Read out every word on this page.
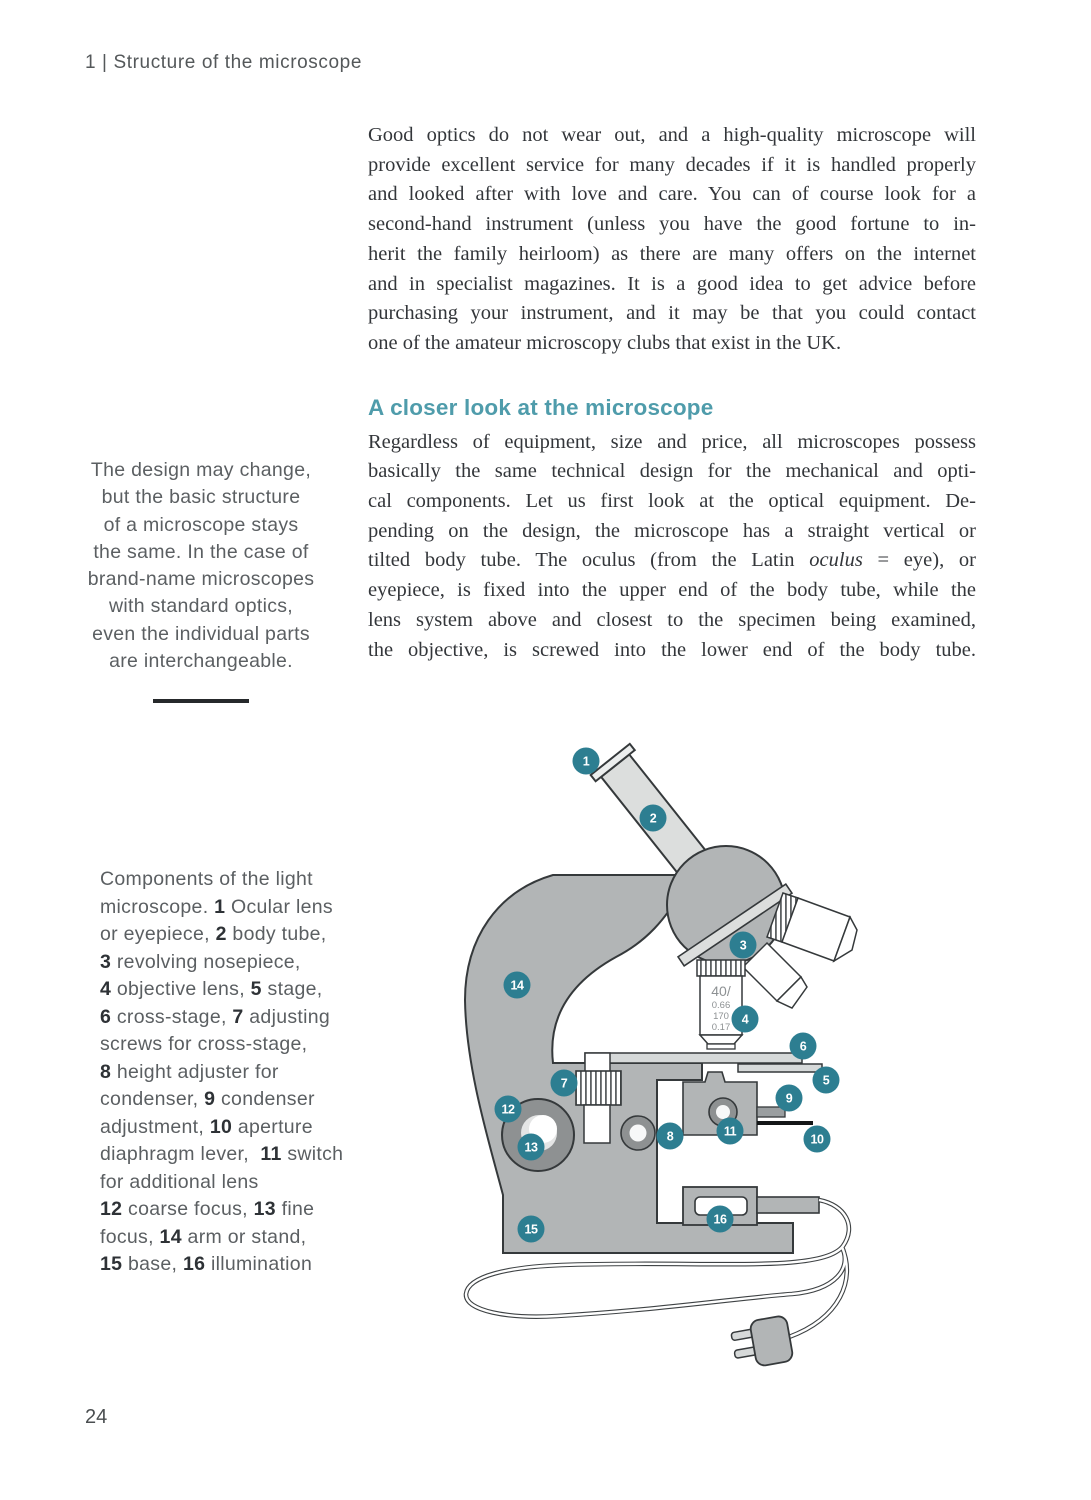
1 | Structure of the microscope
Good optics do not wear out, and a high-quality microscope will
provide excellent service for many decades if it is handled properly
and looked after with love and care. You can of course look for a
second-hand instrument (unless you have the good fortune to in-
herit the family heirloom) as there are many offers on the internet
and in specialist magazines. It is a good idea to get advice before
purchasing your instrument, and it may be that you could contact
one of the amateur microscopy clubs that exist in the UK.
A closer look at the microscope
Regardless of equipment, size and price, all microscopes possess
basically the same technical design for the mechanical and opti-
cal components. Let us first look at the optical equipment. De-
pending on the design, the microscope has a straight vertical or
tilted body tube. The oculus (from the Latin oculus = eye), or
eyepiece, is fixed into the upper end of the body tube, while the
lens system above and closest to the specimen being examined,
the objective, is screwed into the lower end of the body tube.
The design may change,
but the basic structure
of a microscope stays
the same. In the case of
brand-name microscopes
with standard optics,
even the individual parts
are interchangeable.
Components of the light
microscope. 1 Ocular lens
or eyepiece, 2 body tube,
3 revolving nosepiece,
4 objective lens, 5 stage,
6 cross-stage, 7 adjusting
screws for cross-stage,
8 height adjuster for
condenser, 9 condenser
adjustment, 10 aperture
diaphragm lever,  11 switch
for additional lens
12 coarse focus, 13 fine
focus, 14 arm or stand,
15 base, 16 illumination
40/
0.66
170
0.17
1
2
3
4
5
6
7
8
9
10
11
12
13
14
15
16
24
